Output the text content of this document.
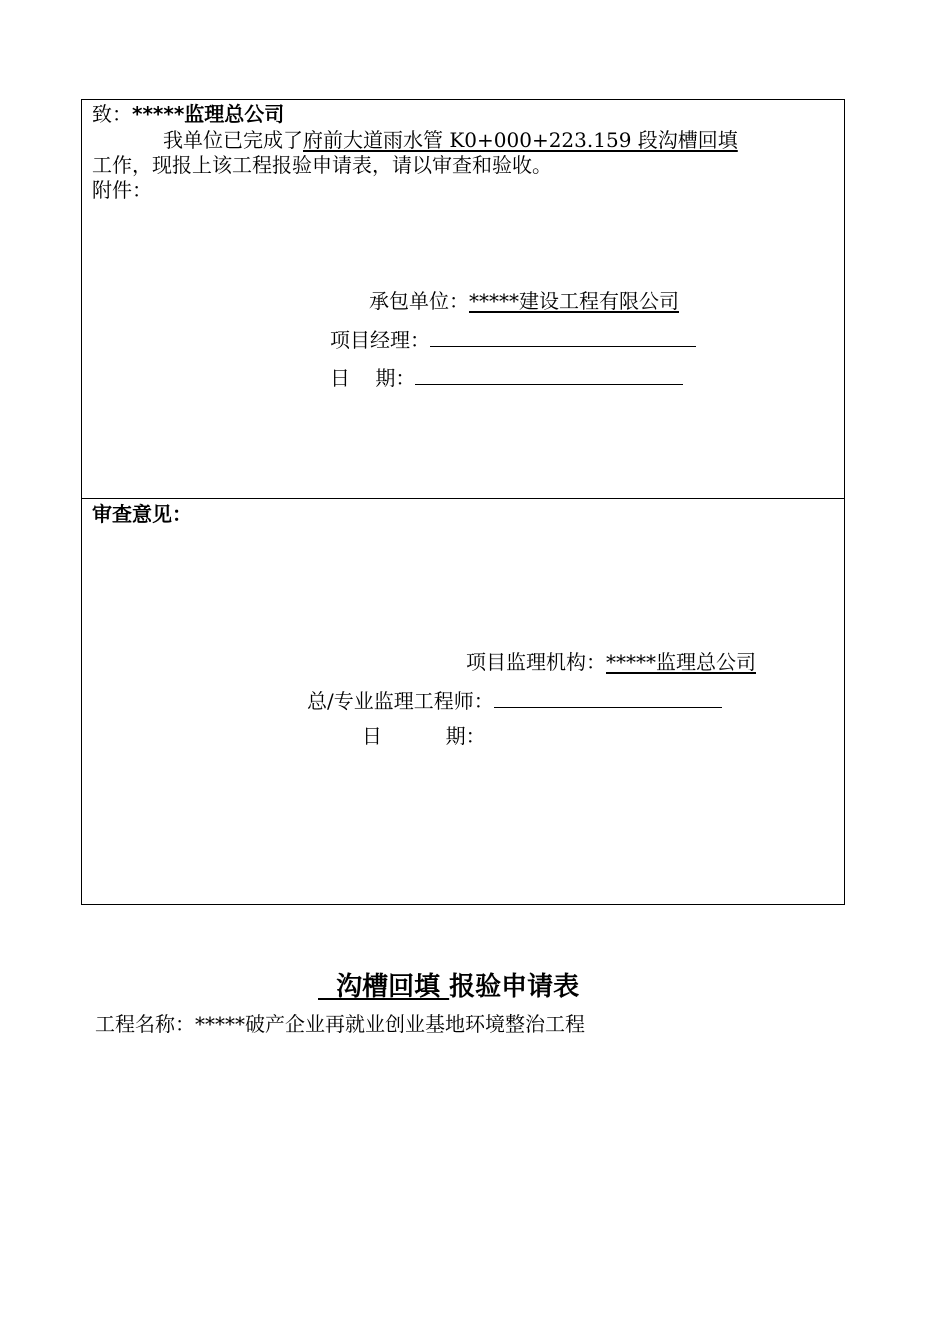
致：*****监理总公司
我单位已完成了府前大道雨水管 K0+000+223.159 段沟槽回填
工作，现报上该工程报验申请表，请以审查和验收。
附件：
承包单位：*****建设工程有限公司
项目经理：
日    期：
审查意见：
项目监理机构：*****监理总公司
总/专业监理工程师：
日          期：
沟槽回填 报验申请表
工程名称：*****破产企业再就业创业基地环境整治工程
